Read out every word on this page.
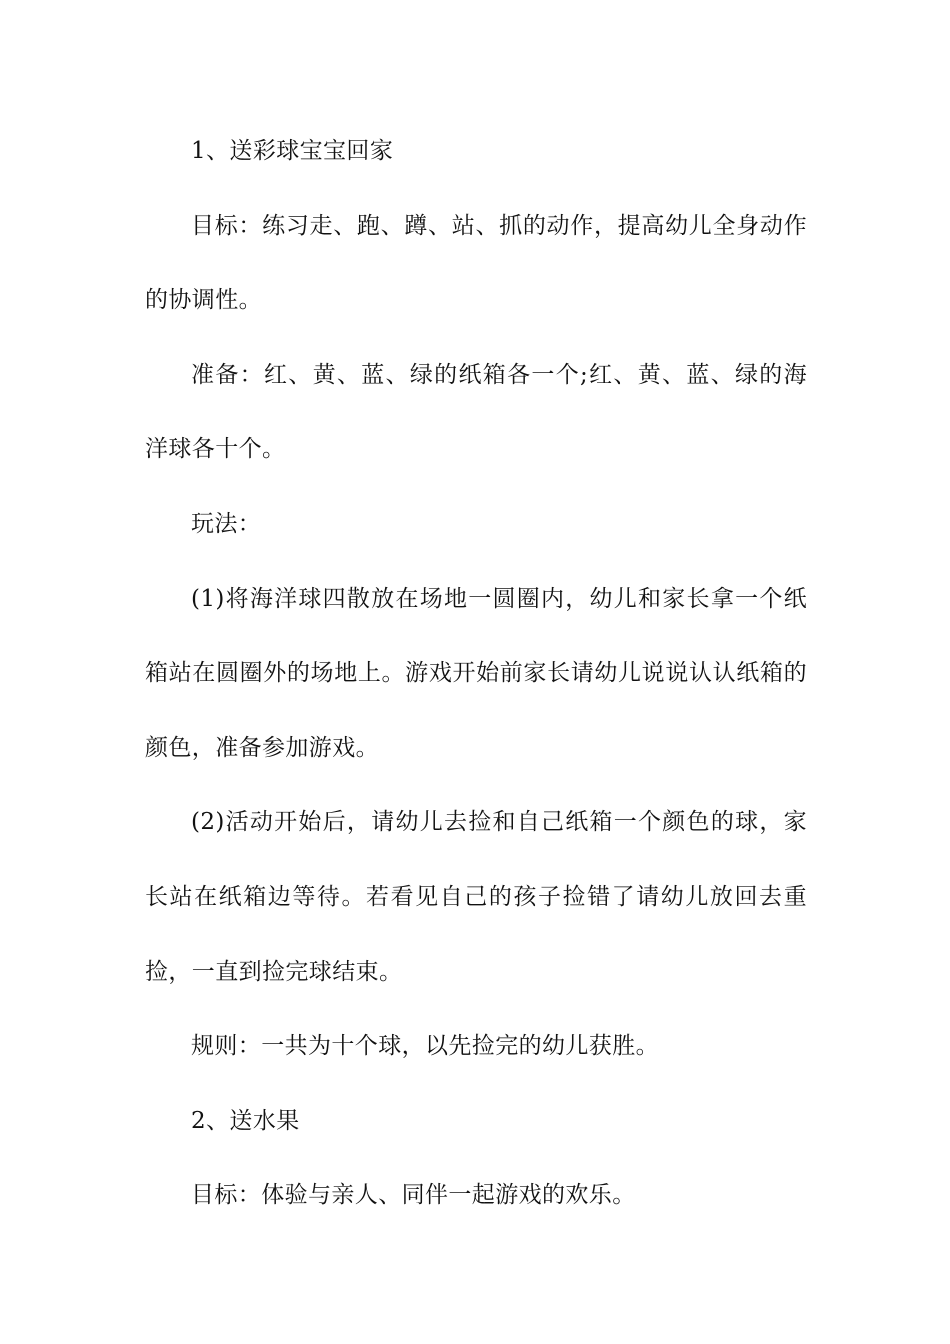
1、送彩球宝宝回家

目标：练习走、跑、蹲、站、抓的动作，提高幼儿全身动作的协调性。

准备：红、黄、蓝、绿的纸箱各一个;红、黄、蓝、绿的海洋球各十个。

玩法：

(1)将海洋球四散放在场地一圆圈内，幼儿和家长拿一个纸箱站在圆圈外的场地上。游戏开始前家长请幼儿说说认认纸箱的颜色，准备参加游戏。

(2)活动开始后，请幼儿去捡和自己纸箱一个颜色的球，家长站在纸箱边等待。若看见自己的孩子捡错了请幼儿放回去重捡，一直到捡完球结束。

规则：一共为十个球，以先捡完的幼儿获胜。

2、送水果

目标：体验与亲人、同伴一起游戏的欢乐。
